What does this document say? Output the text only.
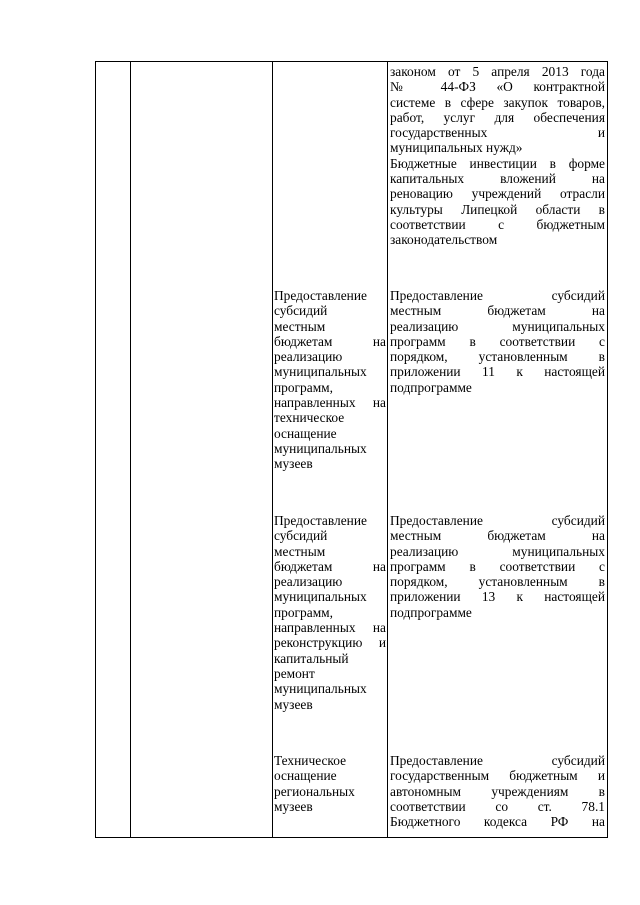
законом от 5 апреля 2013 года
№ 44-ФЗ «О контрактной
системе в сфере закупок товаров,
работ, услуг для обеспечения
государственных и
муниципальных нужд»

Бюджетные инвестиции в форме
капитальных вложений на
реновацию учреждений отрасли
культуры Липецкой области в
соответствии с бюджетным
законодательством

Предоставление
субсидий
местным
бюджетам на
реализацию
муниципальных
программ,
направленных на
техническое
оснащение
муниципальных
музеев

Предоставление субсидий
местным бюджетам на
реализацию муниципальных
программ в соответствии с
порядком, установленным в
приложении 11 к настоящей
подпрограмме

Предоставление
субсидий
местным
бюджетам на
реализацию
муниципальных
программ,
направленных на
реконструкцию и
капитальный
ремонт
муниципальных
музеев

Предоставление субсидий
местным бюджетам на
реализацию муниципальных
программ в соответствии с
порядком, установленным в
приложении 13 к настоящей
подпрограмме

Техническое
оснащение
региональных
музеев

Предоставление субсидий
государственным бюджетным и
автономным учреждениям в
соответствии со ст. 78.1
Бюджетного кодекса РФ на
